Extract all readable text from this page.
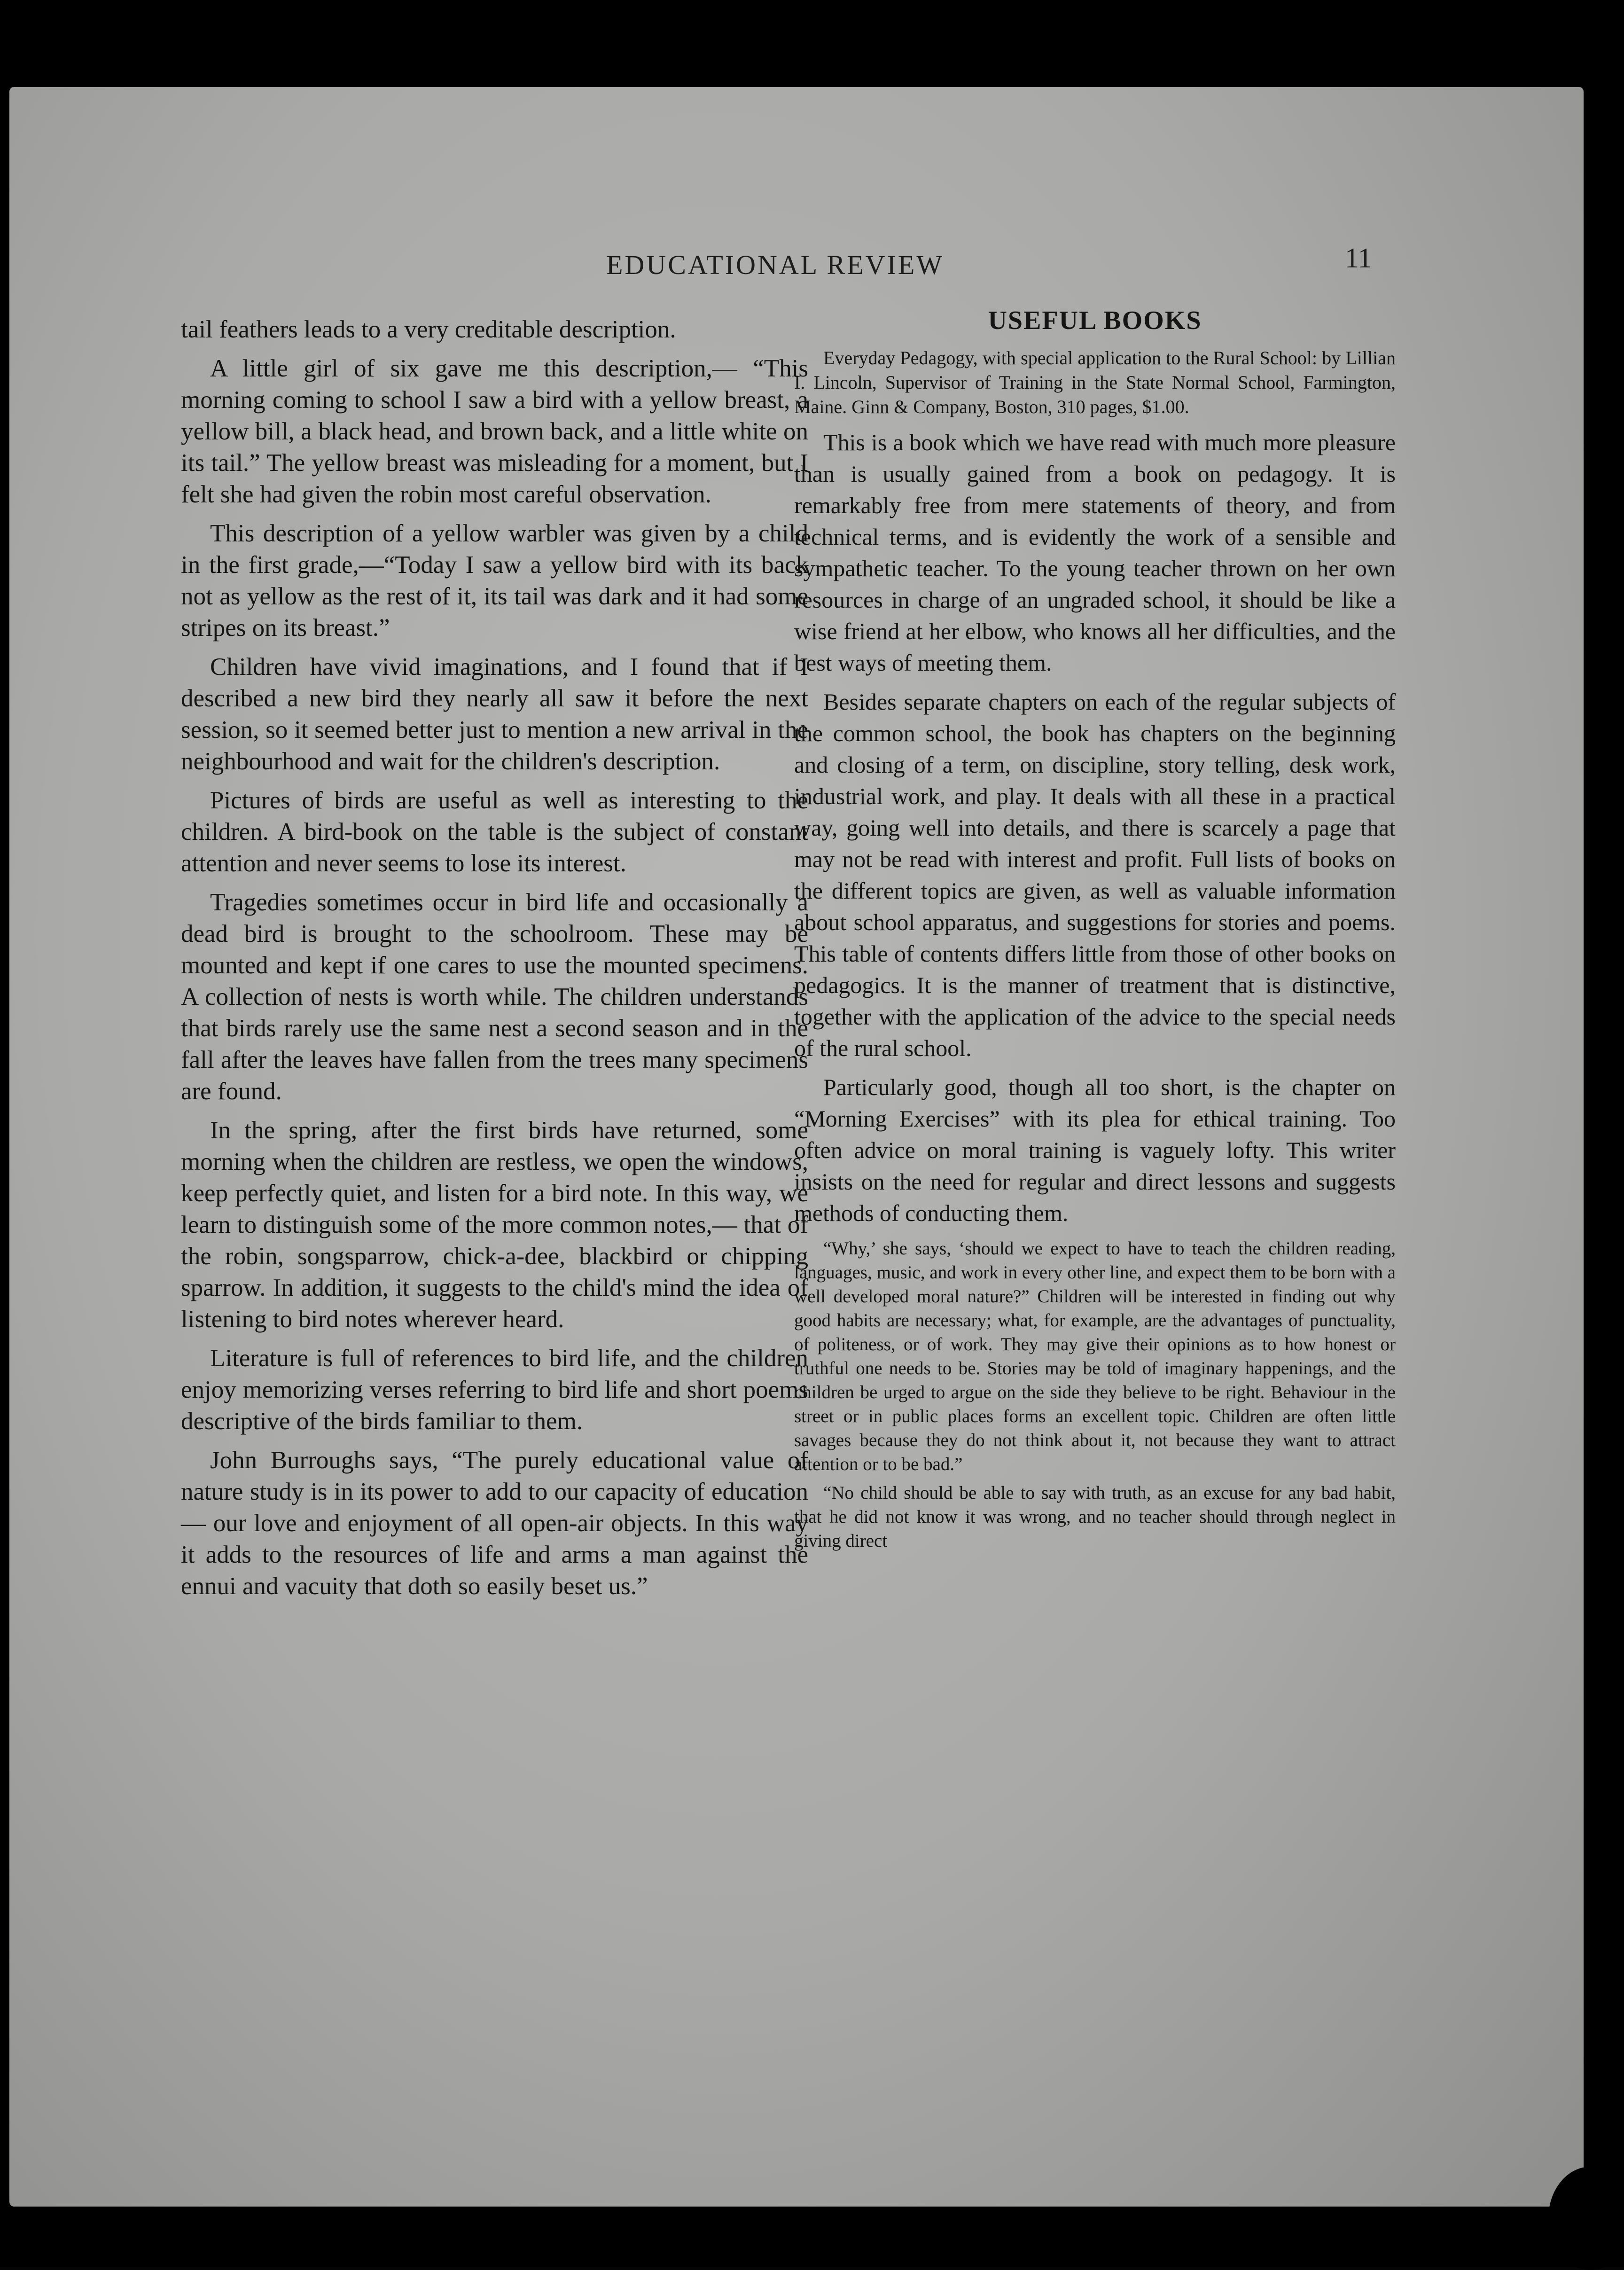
EDUCATIONAL REVIEW	11

tail feathers leads to a very creditable description.

A little girl of six gave me this description,— “This morning coming to school I saw a bird with a yellow breast, a yellow bill, a black head, and brown back, and a little white on its tail.” The yellow breast was misleading for a moment, but I felt she had given the robin most careful observation.

This description of a yellow warbler was given by a child in the first grade,—“Today I saw a yellow bird with its back not as yellow as the rest of it, its tail was dark and it had some stripes on its breast.”

Children have vivid imaginations, and I found that if I described a new bird they nearly all saw it before the next session, so it seemed better just to mention a new arrival in the neighbourhood and wait for the children's description.

Pictures of birds are useful as well as interesting to the children. A bird-book on the table is the subject of constant attention and never seems to lose its interest.

Tragedies sometimes occur in bird life and occasionally a dead bird is brought to the schoolroom. These may be mounted and kept if one cares to use the mounted specimens. A collection of nests is worth while. The children understands that birds rarely use the same nest a second season and in the fall after the leaves have fallen from the trees many specimens are found.

In the spring, after the first birds have returned, some morning when the children are restless, we open the windows, keep perfectly quiet, and listen for a bird note. In this way, we learn to distinguish some of the more common notes,— that of the robin, songsparrow, chick-a-dee, blackbird or chipping sparrow. In addition, it suggests to the child's mind the idea of listening to bird notes wherever heard.

Literature is full of references to bird life, and the children enjoy memorizing verses referring to bird life and short poems descriptive of the birds familiar to them.

John Burroughs says, “The purely educational value of nature study is in its power to add to our capacity of education — our love and enjoyment of all open-air objects. In this way it adds to the resources of life and arms a man against the ennui and vacuity that doth so easily beset us.”

USEFUL BOOKS

Everyday Pedagogy, with special application to the Rural School: by Lillian I. Lincoln, Supervisor of Training in the State Normal School, Farmington, Maine. Ginn & Company, Boston, 310 pages, $1.00.

This is a book which we have read with much more pleasure than is usually gained from a book on pedagogy. It is remarkably free from mere statements of theory, and from technical terms, and is evidently the work of a sensible and sympathetic teacher. To the young teacher thrown on her own resources in charge of an ungraded school, it should be like a wise friend at her elbow, who knows all her difficulties, and the best ways of meeting them.

Besides separate chapters on each of the regular subjects of the common school, the book has chapters on the beginning and closing of a term, on discipline, story telling, desk work, industrial work, and play. It deals with all these in a practical way, going well into details, and there is scarcely a page that may not be read with interest and profit. Full lists of books on the different topics are given, as well as valuable information about school apparatus, and suggestions for stories and poems. This table of contents differs little from those of other books on pedagogics. It is the manner of treatment that is distinctive, together with the application of the advice to the special needs of the rural school.

Particularly good, though all too short, is the chapter on “Morning Exercises” with its plea for ethical training. Too often advice on moral training is vaguely lofty. This writer insists on the need for regular and direct lessons and suggests methods of conducting them.

“Why,’ she says, ‘should we expect to have to teach the children reading, languages, music, and work in every other line, and expect them to be born with a well developed moral nature?” Children will be interested in finding out why good habits are necessary; what, for example, are the advantages of punctuality, of politeness, or of work. They may give their opinions as to how honest or truthful one needs to be. Stories may be told of imaginary happenings, and the children be urged to argue on the side they believe to be right. Behaviour in the street or in public places forms an excellent topic. Children are often little savages because they do not think about it, not because they want to attract attention or to be bad.”

“No child should be able to say with truth, as an excuse for any bad habit, that he did not know it was wrong, and no teacher should through neglect in giving direct
